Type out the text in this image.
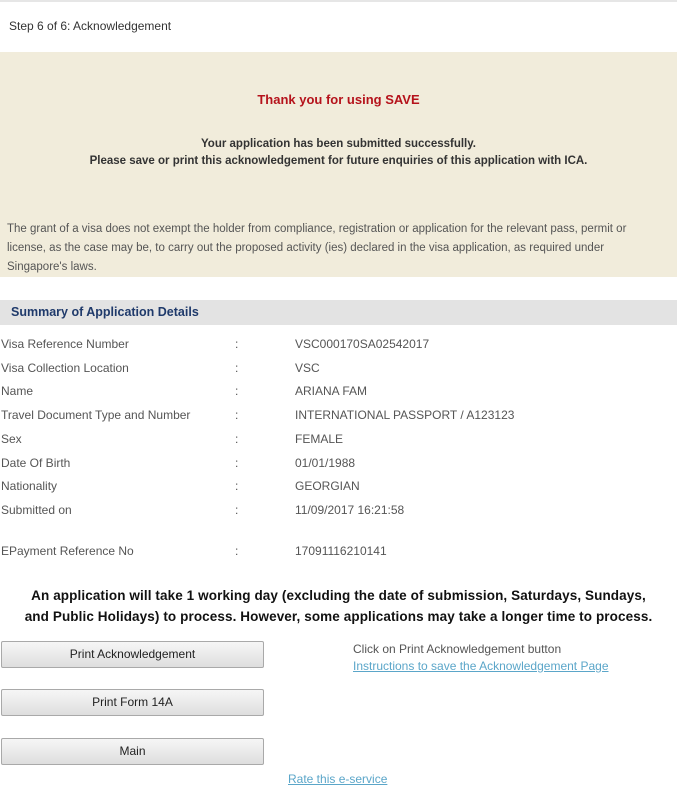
Step 6 of 6: Acknowledgement
Thank you for using SAVE
Your application has been submitted successfully.
Please save or print this acknowledgement for future enquiries of this application with ICA.
The grant of a visa does not exempt the holder from compliance, registration or application for the relevant pass, permit or license, as the case may be, to carry out the proposed activity (ies) declared in the visa application, as required under Singapore's laws.
Summary of Application Details
Visa Reference Number	:	VSC000170SA02542017
Visa Collection Location	:	VSC
Name	:	ARIANA FAM
Travel Document Type and Number	:	INTERNATIONAL PASSPORT / A123123
Sex	:	FEMALE
Date Of Birth	:	01/01/1988
Nationality	:	GEORGIAN
Submitted on	:	11/09/2017 16:21:58
EPayment Reference No	:	17091116210141
An application will take 1 working day (excluding the date of submission, Saturdays, Sundays,
and Public Holidays) to process. However, some applications may take a longer time to process.
Print Acknowledgement	Click on Print Acknowledgement button
Instructions to save the Acknowledgement Page
Print Form 14A
Main
Rate this e-service
